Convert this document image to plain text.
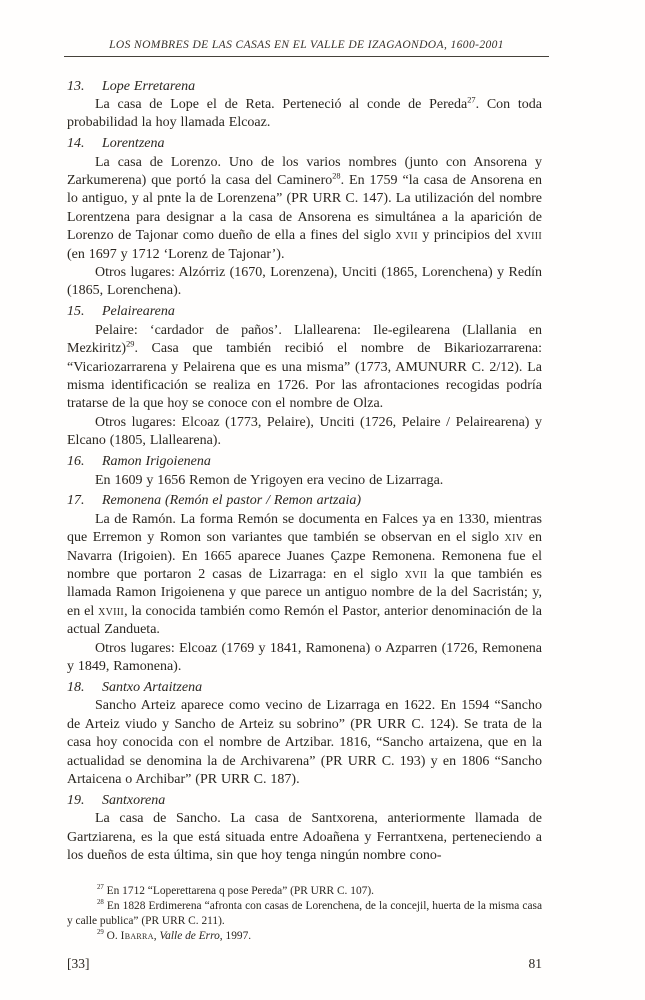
LOS NOMBRES DE LAS CASAS EN EL VALLE DE IZAGAONDOA, 1600-2001
13. Lope Erretarena

La casa de Lope el de Reta. Perteneció al conde de Pereda$^{27}$. Con toda probabilidad la hoy llamada Elcoaz.

14. Lorentzena

La casa de Lorenzo. Uno de los varios nombres (junto con Ansorena y Zarkumerena) que portó la casa del Caminero$^{28}$. En 1759 “la casa de Ansorena en lo antiguo, y al pnte la de Lorenzena” (PR URR C. 147). La utilización del nombre Lorentzena para designar a la casa de Ansorena es simultánea a la aparición de Lorenzo de Tajonar como dueño de ella a fines del siglo xvii y principios del xviii (en 1697 y 1712 ‘Lorenz de Tajonar’).

Otros lugares: Alzórriz (1670, Lorenzena), Unciti (1865, Lorenchena) y Redín (1865, Lorenchena).

15. Pelairearena

Pelaire: ‘cardador de paños’. Llallearena: Ile-egilearena (Llallania en Mezkiritz)$^{29}$. Casa que también recibió el nombre de Bikariozarrarena: “Vicariozarrarena y Pelairena que es una misma” (1773, AMUNURR C. 2/12). La misma identificación se realiza en 1726. Por las afrontaciones recogidas podría tratarse de la que hoy se conoce con el nombre de Olza.

Otros lugares: Elcoaz (1773, Pelaire), Unciti (1726, Pelaire / Pelairearena) y Elcano (1805, Llallearena).

16. Ramon Irigoienena

En 1609 y 1656 Remon de Yrigoyen era vecino de Lizarraga.

17. Remonena (Remón el pastor / Remon artzaia)

La de Ramón. La forma Remón se documenta en Falces ya en 1330, mientras que Erremon y Romon son variantes que también se observan en el siglo xiv en Navarra (Irigoien). En 1665 aparece Juanes Çazpe Remonena. Remonena fue el nombre que portaron 2 casas de Lizarraga: en el siglo xvii la que también es llamada Ramon Irigoienena y que parece un antiguo nombre de la del Sacristán; y, en el xviii, la conocida también como Remón el Pastor, anterior denominación de la actual Zandueta.

Otros lugares: Elcoaz (1769 y 1841, Ramonena) o Azparren (1726, Remonena y 1849, Ramonena).

18. Santxo Artaitzena

Sancho Arteiz aparece como vecino de Lizarraga en 1622. En 1594 “Sancho de Arteiz viudo y Sancho de Arteiz su sobrino” (PR URR C. 124). Se trata de la casa hoy conocida con el nombre de Artzibar. 1816, “Sancho artaizena, que en la actualidad se denomina la de Archivarena” (PR URR C. 193) y en 1806 “Sancho Artaicena o Archibar” (PR URR C. 187).

19. Santxorena

La casa de Sancho. La casa de Santxorena, anteriormente llamada de Gartziarena, es la que está situada entre Adoañena y Ferrantxena, perteneciendo a los dueños de esta última, sin que hoy tenga ningún nombre cono-

$^{27}$ En 1712 “Loperettarena q pose Pereda” (PR URR C. 107).

$^{28}$ En 1828 Erdimerena “afronta con casas de Lorenchena, de la concejil, huerta de la misma casa y calle publica” (PR URR C. 211).

$^{29}$ O. Ibarra, Valle de Erro, 1997.

[33]	81
